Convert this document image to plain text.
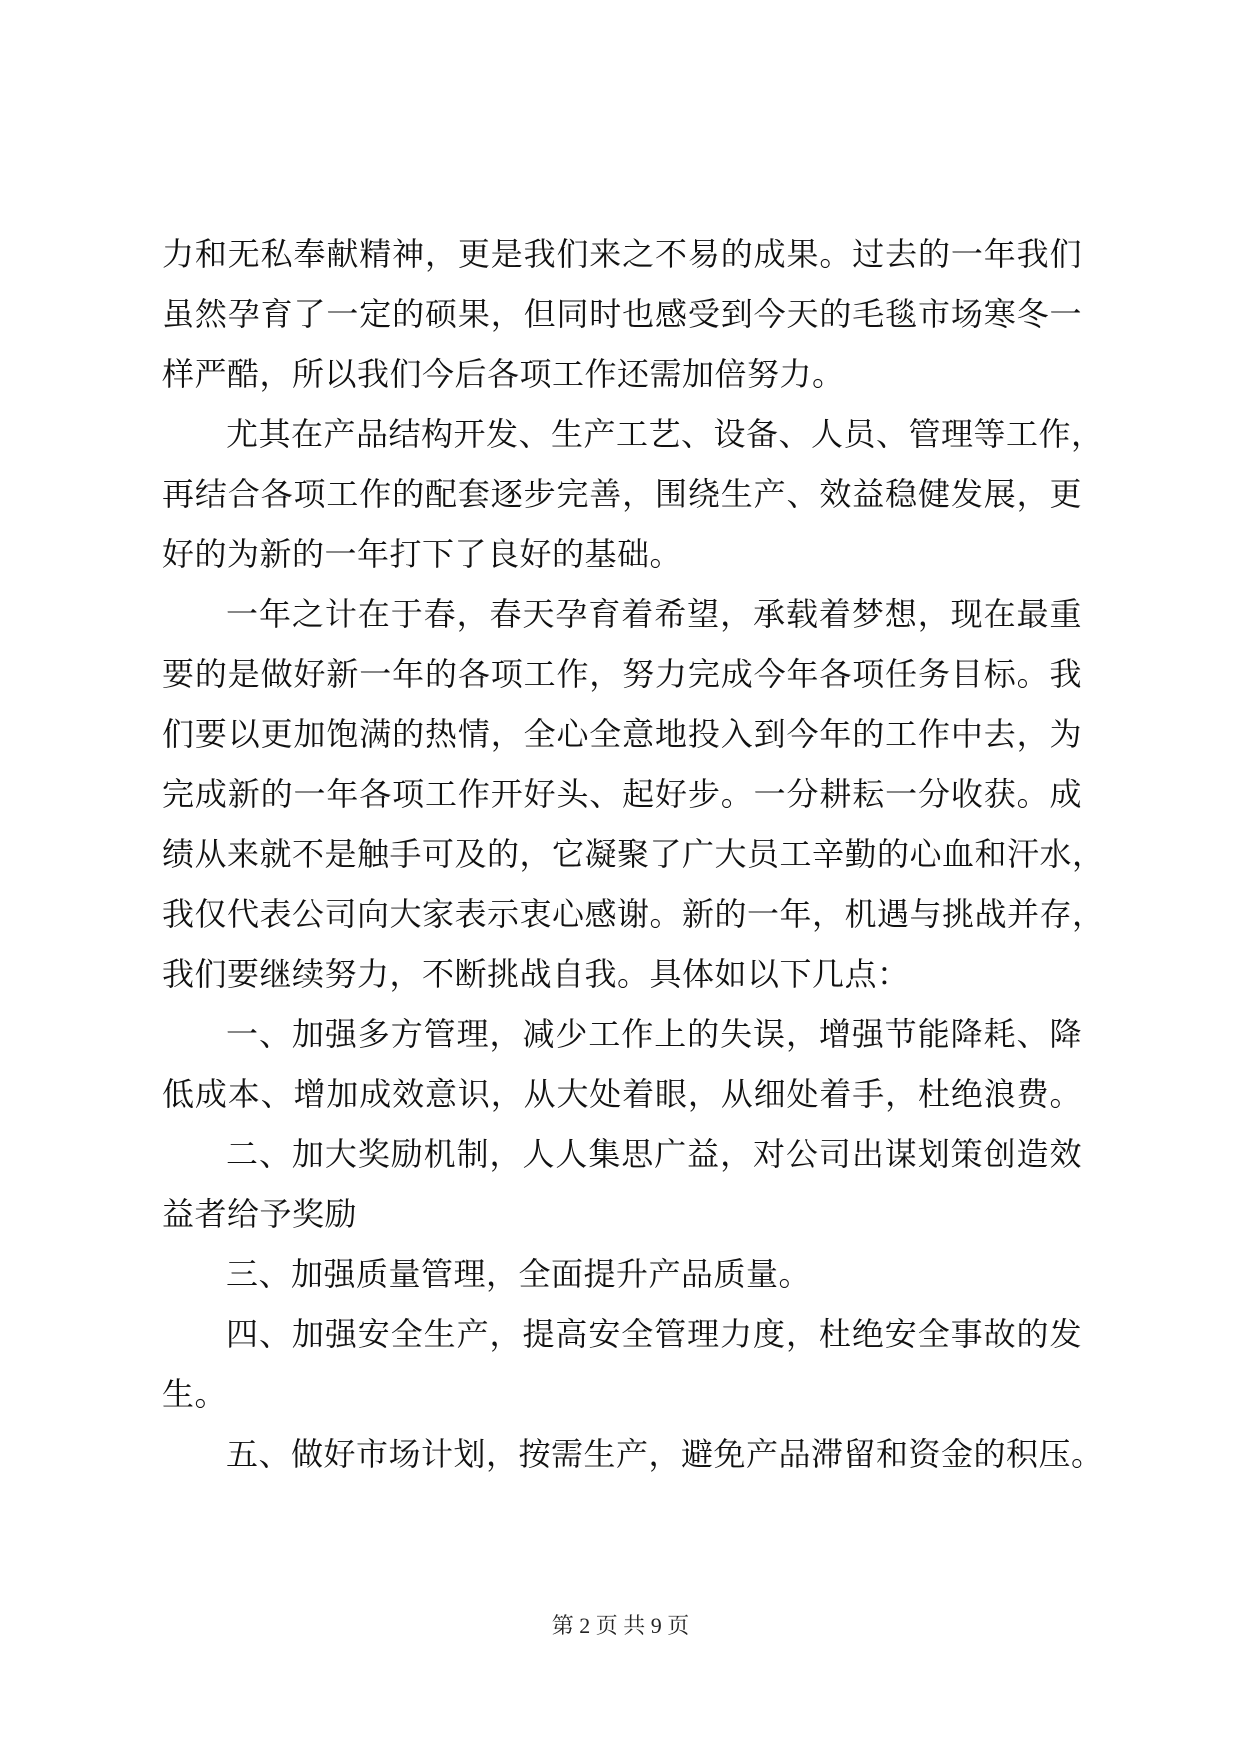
力和无私奉献精神，更是我们来之不易的成果。过去的一年我们
虽然孕育了一定的硕果，但同时也感受到今天的毛毯市场寒冬一
样严酷，所以我们今后各项工作还需加倍努力。
尤其在产品结构开发、生产工艺、设备、人员、管理等工作，
再结合各项工作的配套逐步完善，围绕生产、效益稳健发展，更
好的为新的一年打下了良好的基础。
一年之计在于春，春天孕育着希望，承载着梦想，现在最重
要的是做好新一年的各项工作，努力完成今年各项任务目标。我
们要以更加饱满的热情，全心全意地投入到今年的工作中去，为
完成新的一年各项工作开好头、起好步。一分耕耘一分收获。成
绩从来就不是触手可及的，它凝聚了广大员工辛勤的心血和汗水，
我仅代表公司向大家表示衷心感谢。新的一年，机遇与挑战并存，
我们要继续努力，不断挑战自我。具体如以下几点：
一、加强多方管理，减少工作上的失误，增强节能降耗、降
低成本、增加成效意识，从大处着眼，从细处着手，杜绝浪费。
二、加大奖励机制，人人集思广益，对公司出谋划策创造效
益者给予奖励
三、加强质量管理，全面提升产品质量。
四、加强安全生产，提高安全管理力度，杜绝安全事故的发
生。
五、做好市场计划，按需生产，避免产品滞留和资金的积压。
第 2 页 共 9 页
